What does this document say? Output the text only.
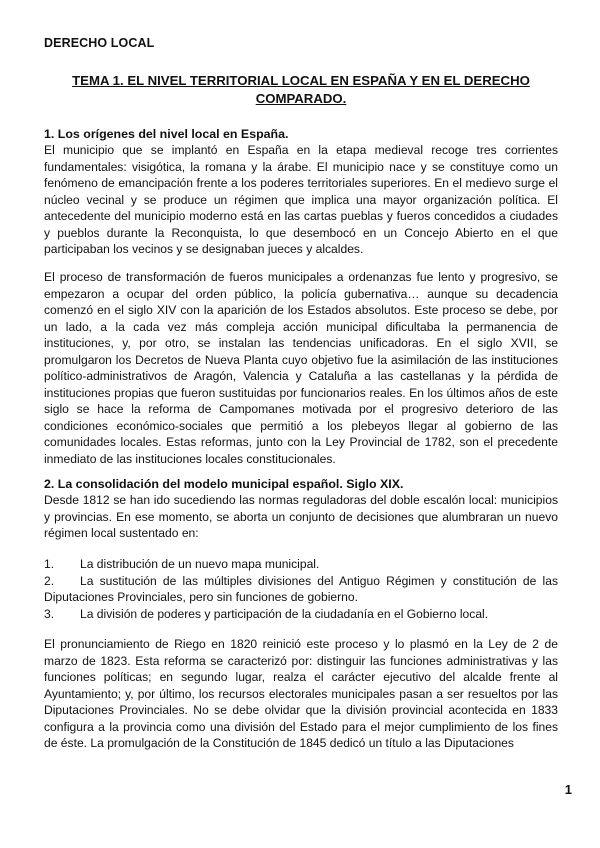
DERECHO LOCAL
TEMA 1. EL NIVEL TERRITORIAL LOCAL EN ESPAÑA Y EN EL DERECHO
COMPARADO.
1. Los orígenes del nivel local en España.

El municipio que se implantó en España en la etapa medieval recoge tres corrientes fundamentales: visigótica, la romana y la árabe. El municipio nace y se constituye como un fenómeno de emancipación frente a los poderes territoriales superiores. En el medievo surge el núcleo vecinal y se produce un régimen que implica una mayor organización política. El antecedente del municipio moderno está en las cartas pueblas y fueros concedidos a ciudades y pueblos durante la Reconquista, lo que desembocó en un Concejo Abierto en el que participaban los vecinos y se designaban jueces y alcaldes.

El proceso de transformación de fueros municipales a ordenanzas fue lento y progresivo, se empezaron a ocupar del orden público, la policía gubernativa… aunque su decadencia comenzó en el siglo XIV con la aparición de los Estados absolutos. Este proceso se debe, por un lado, a la cada vez más compleja acción municipal dificultaba la permanencia de instituciones, y, por otro, se instalan las tendencias unificadoras. En el siglo XVII, se promulgaron los Decretos de Nueva Planta cuyo objetivo fue la asimilación de las instituciones político-administrativos de Aragón, Valencia y Cataluña a las castellanas y la pérdida de instituciones propias que fueron sustituidas por funcionarios reales. En los últimos años de este siglo se hace la reforma de Campomanes motivada por el progresivo deterioro de las condiciones económico-sociales que permitió a los plebeyos llegar al gobierno de las comunidades locales. Estas reformas, junto con la Ley Provincial de 1782, son el precedente inmediato de las instituciones locales constitucionales.

2. La consolidación del modelo municipal español. Siglo XIX.

Desde 1812 se han ido sucediendo las normas reguladoras del doble escalón local: municipios y provincias. En ese momento, se aborta un conjunto de decisiones que alumbraran un nuevo régimen local sustentado en:

1.	La distribución de un nuevo mapa municipal.
2. La sustitución de las múltiples divisiones del Antiguo Régimen y constitución de las Diputaciones Provinciales, pero sin funciones de gobierno.
3.	La división de poderes y participación de la ciudadanía en el Gobierno local.

El pronunciamiento de Riego en 1820 reinició este proceso y lo plasmó en la Ley de 2 de marzo de 1823. Esta reforma se caracterizó por: distinguir las funciones administrativas y las funciones políticas; en segundo lugar, realza el carácter ejecutivo del alcalde frente al Ayuntamiento; y, por último, los recursos electorales municipales pasan a ser resueltos por las Diputaciones Provinciales. No se debe olvidar que la división provincial acontecida en 1833 configura a la provincia como una división del Estado para el mejor cumplimiento de los fines de éste. La promulgación de la Constitución de 1845 dedicó un título a las Diputaciones

1
